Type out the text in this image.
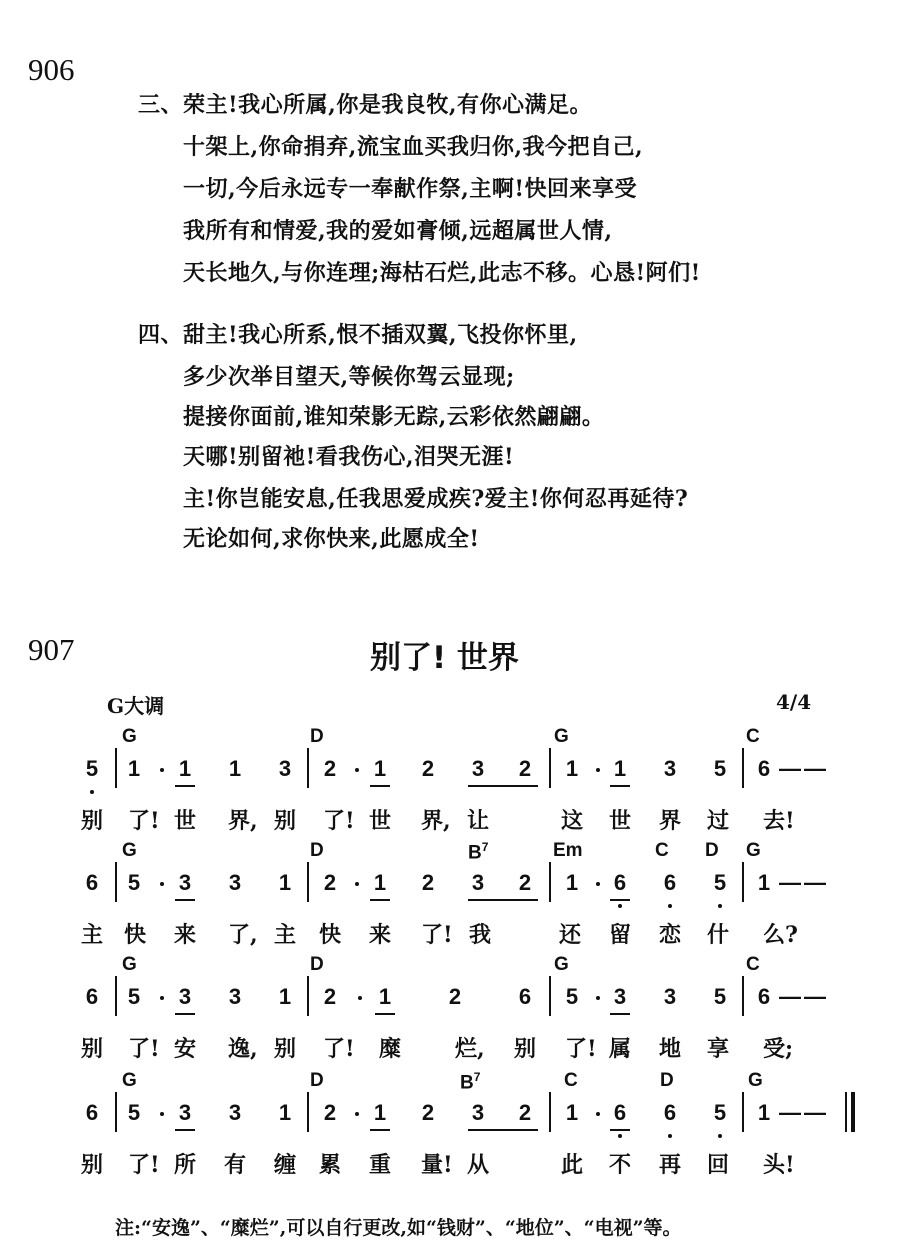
906
三、荣主!我心所属,你是我良牧,有你心满足。
十架上,你命捐弃,流宝血买我归你,我今把自己,
一切,今后永远专一奉献作祭,主啊!快回来享受
我所有和情爱,我的爱如膏倾,远超属世人情,
天长地久,与你连理;海枯石烂,此志不移。心恳!阿们!
四、甜主!我心所系,恨不插双翼,飞投你怀里,
多少次举目望天,等候你驾云显现;
提接你面前,谁知荣影无踪,云彩依然翩翩。
天哪!别留祂!看我伤心,泪哭无涯!
主!你岂能安息,任我思爱成疾?爱主!你何忍再延待?
无论如何,求你快来,此愿成全!
907	别了! 世界
G大调	4/4
G	D	G	C
5 1 1 1 3 2 1 2 3 2 1 1 3 5 6 — —
别 了! 世 界, 别 了! 世 界, 让	这 世 界 过 去!
G	D	$B^7$	Em	C D G
6 5 3 3 1 2 1 2 3 2 1 6 6 5 1 — —
主 快 来 了, 主 快 来 了! 我	还 留 恋 什 么?
G	D	G	C
6 5 3 3 1 2 1	2	6 5 3 3 5 6 — —
别 了! 安 逸, 别 了! 糜 烂, 别 了! 属 地 享 受;
G	D	$B^7$	C	D	G
6 5 3 3 1 2 1 2 3 2 1 6 6 5 1 — —
别 了! 所 有 缠 累 重 量! 从	此 不 再 回 头!
注:“安逸”、“糜烂”,可以自行更改,如“钱财”、“地位”、“电视”等。
